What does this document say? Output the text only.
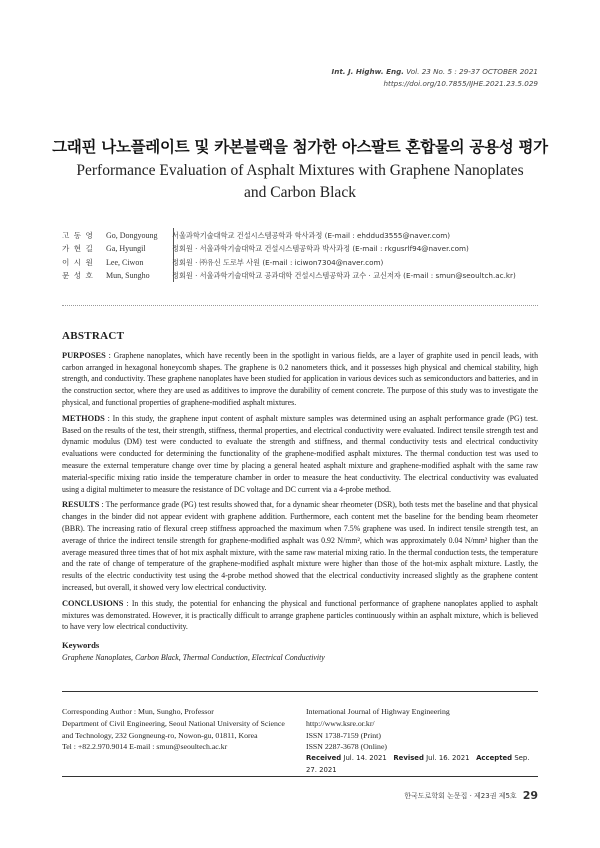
Int. J. Highw. Eng. Vol. 23 No. 5 : 29-37 OCTOBER 2021
https://doi.org/10.7855/IJHE.2021.23.5.029
그래핀 나노플레이트 및 카본블랙을 첨가한 아스팔트 혼합물의 공용성 평가
Performance Evaluation of Asphalt Mixtures with Graphene Nanoplates
and Carbon Black
고 동 영	Go, Dongyoung	서울과학기술대학교 건설시스템공학과 학사과정 (E-mail : ehddud3555@naver.com)
가 현 길	Ga, Hyungil	정회원 · 서울과학기술대학교 건설시스템공학과 박사과정 (E-mail : rkgusrlf94@naver.com)
이 시 원	Lee, Ciwon	정회원 · ㈜유신 도로부 사원 (E-mail : iciwon7304@naver.com)
문 성 호	Mun, Sungho	정회원 · 서울과학기술대학교 공과대학 건설시스템공학과 교수 · 교신저자 (E-mail : smun@seoultch.ac.kr)
ABSTRACT

PURPOSES : Graphene nanoplates, which have recently been in the spotlight in various fields, are a layer of graphite used in pencil leads, with carbon arranged in hexagonal honeycomb shapes. The graphene is 0.2 nanometers thick, and it possesses high physical and chemical stability, high strength, and conductivity. These graphene nanoplates have been studied for application in various devices such as semiconductors and batteries, and in the construction sector, where they are used as additives to improve the durability of cement concrete. The purpose of this study was to investigate the physical, and functional properties of graphene-modified asphalt mixtures.

METHODS : In this study, the graphene input content of asphalt mixture samples was determined using an asphalt performance grade (PG) test. Based on the results of the test, their strength, stiffness, thermal properties, and electrical conductivity were evaluated. Indirect tensile strength test and dynamic modulus (DM) test were conducted to evaluate the strength and stiffness, and thermal conductivity tests and electrical conductivity evaluations were conducted for determining the functionality of the graphene-modified asphalt mixtures. The thermal conduction test was used to measure the external temperature change over time by placing a general heated asphalt mixture and graphene-modified asphalt with the same raw material-specific mixing ratio inside the temperature chamber in order to measure the heat conductivity. The electrical conductivity was evaluated using a digital multimeter to measure the resistance of DC voltage and DC current via a 4-probe method.

RESULTS : The performance grade (PG) test results showed that, for a dynamic shear rheometer (DSR), both tests met the baseline and that physical changes in the binder did not appear evident with graphene addition. Furthermore, each content met the baseline for the bending beam rheometer (BBR). The increasing ratio of flexural creep stiffness approached the maximum when 7.5% graphene was used. In indirect tensile strength test, an average of thrice the indirect tensile strength for graphene-modified asphalt was 0.92 N/mm², which was approximately 0.04 N/mm² higher than the average measured three times that of hot mix asphalt mixture, with the same raw material mixing ratio. In the thermal conduction tests, the temperature and the rate of change of temperature of the graphene-modified asphalt mixture were higher than those of the hot-mix asphalt mixture. Lastly, the results of the electric conductivity test using the 4-probe method showed that the electrical conductivity increased slightly as the graphene content increased, but overall, it showed very low electrical conductivity.

CONCLUSIONS : In this study, the potential for enhancing the physical and functional performance of graphene nanoplates applied to asphalt mixtures was demonstrated. However, it is practically difficult to arrange graphene particles continuously within an asphalt mixture, which is believed to have very low electrical conductivity.

Keywords
Graphene Nanoplates, Carbon Black, Thermal Conduction, Electrical Conductivity
Corresponding Author : Mun, Sungho, Professor
Department of Civil Engineering, Seoul National University of Science
and Technology, 232 Gongneung-ro, Nowon-gu, 01811, Korea
Tel : +82.2.970.9014 E-mail : smun@seoultech.ac.kr
International Journal of Highway Engineering
http://www.ksre.or.kr/
ISSN 1738-7159 (Print)
ISSN 2287-3678 (Online)
Received Jul. 14. 2021 Revised Jul. 16. 2021 Accepted Sep. 27. 2021
한국도로학회 논문집 · 제23권 제5호 29
